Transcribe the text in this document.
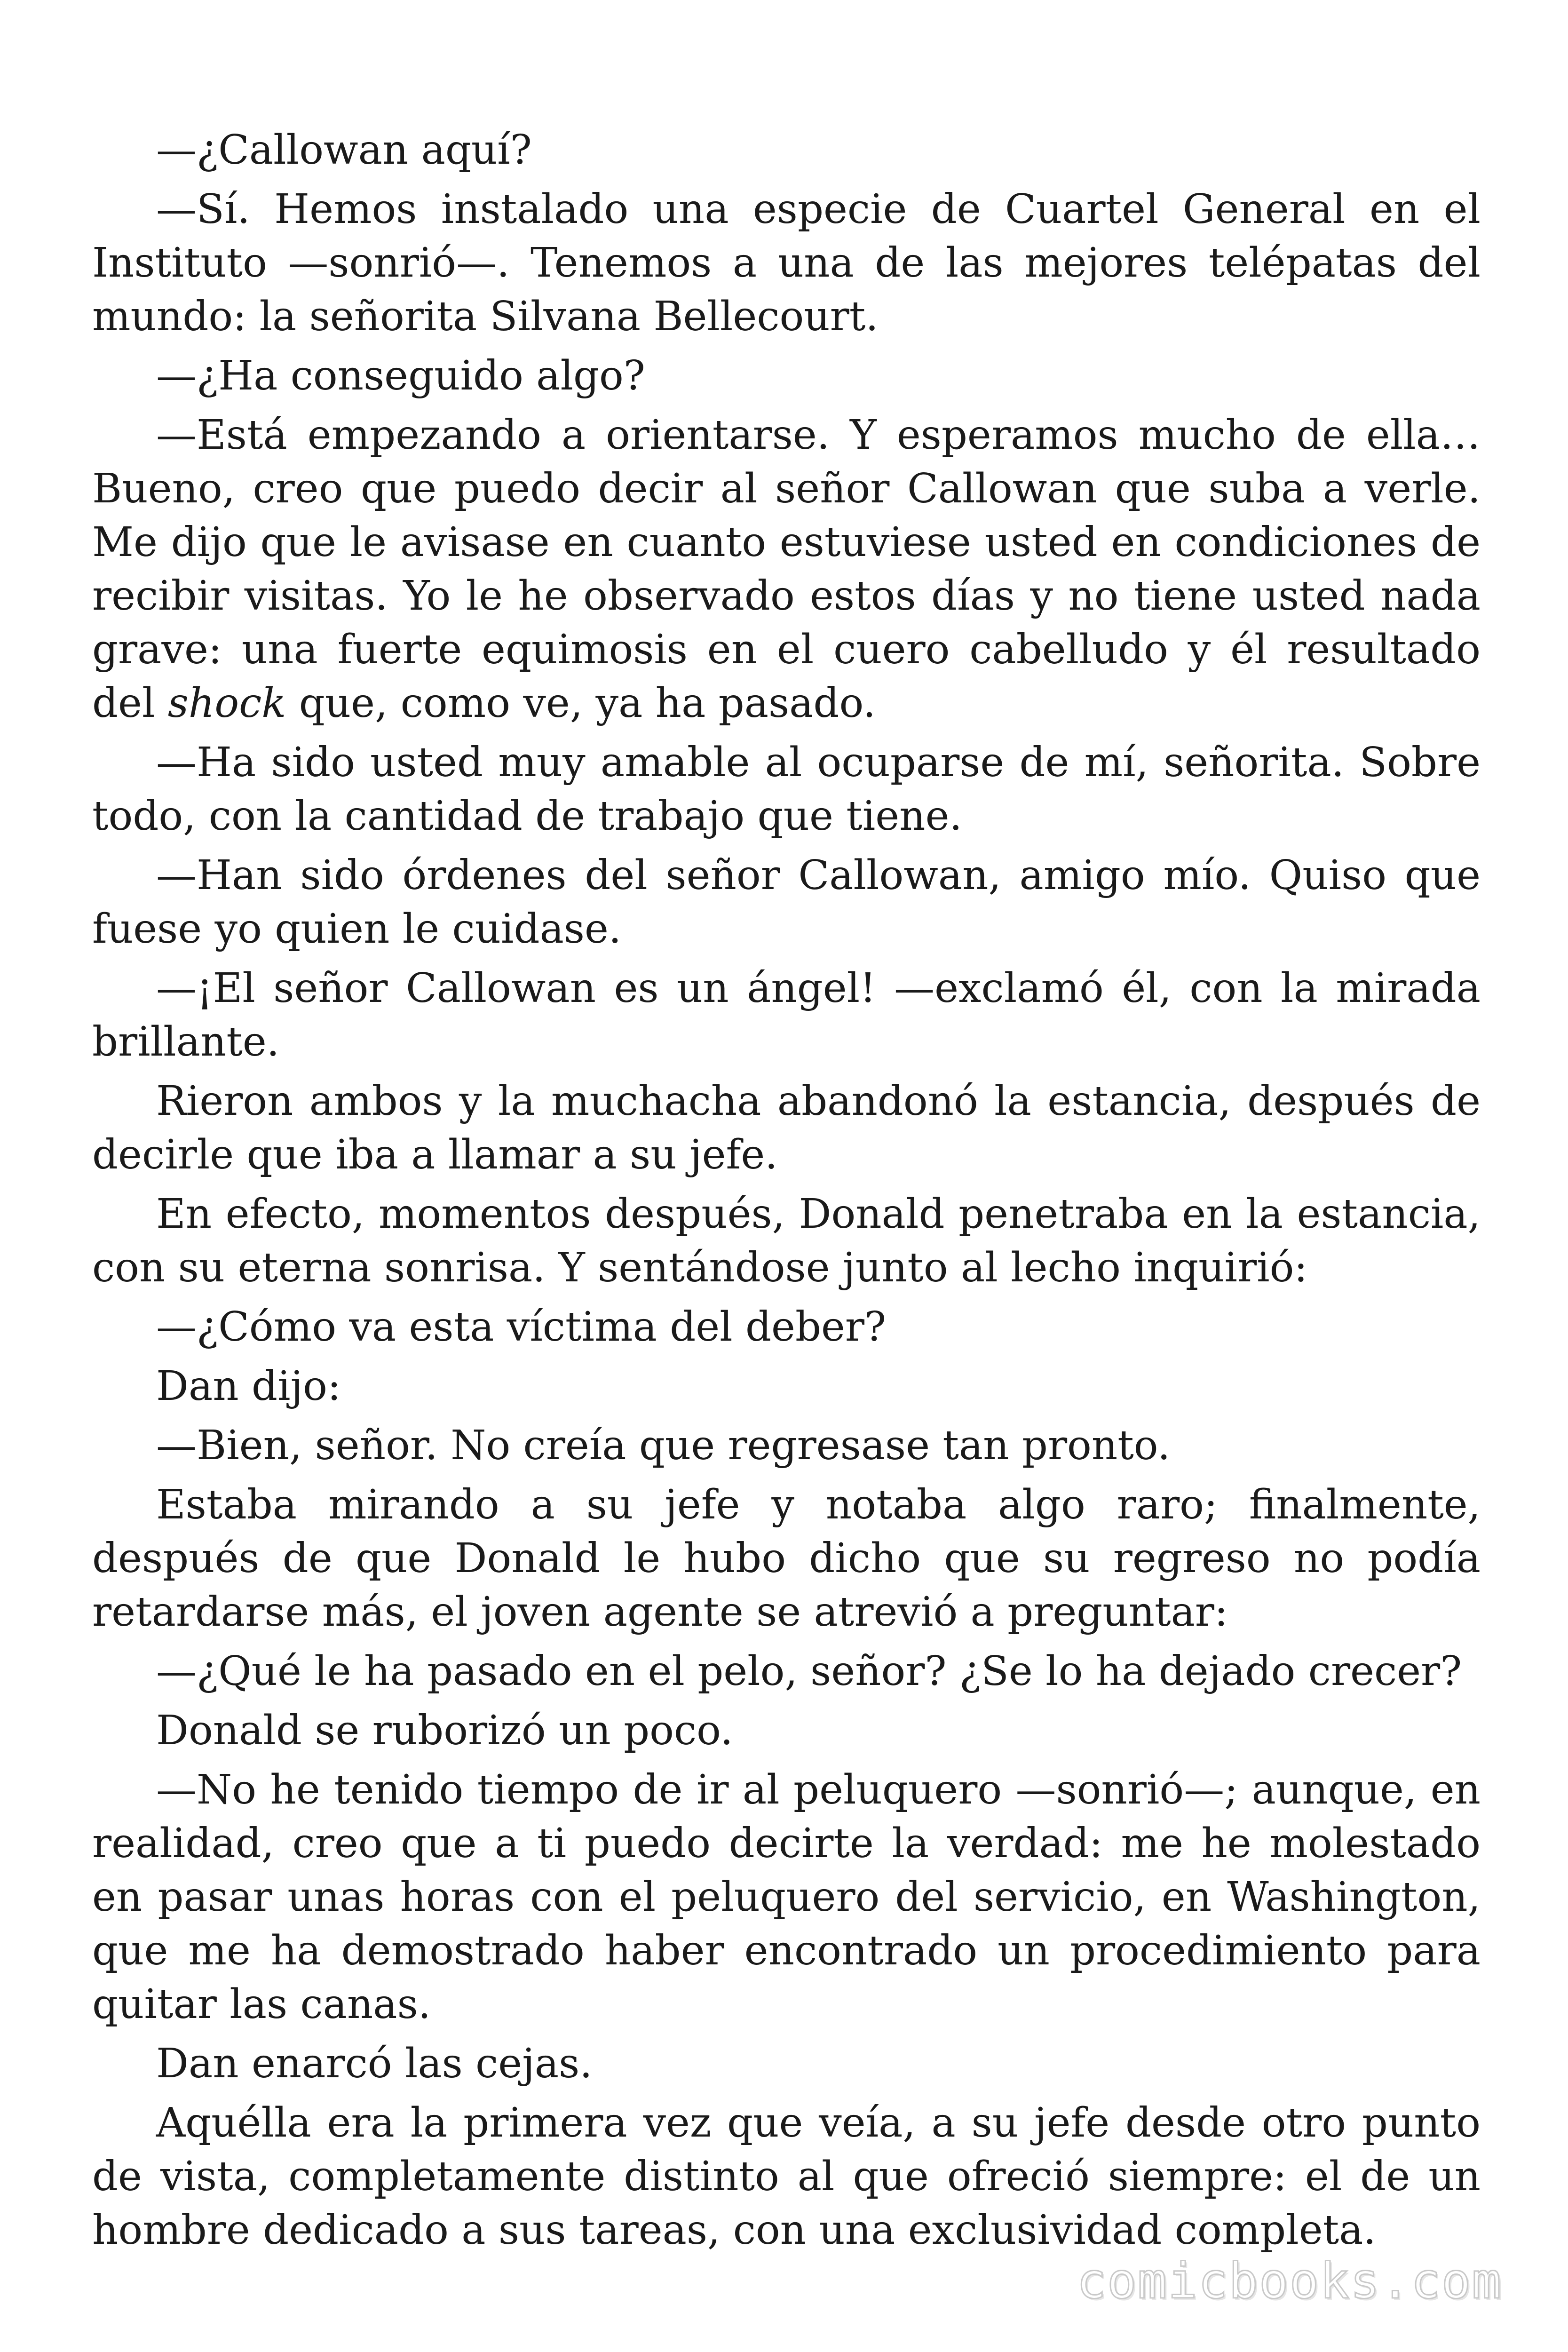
—¿Callowan aquí?

—Sí. Hemos instalado una especie de Cuartel General en el Instituto —sonrió—. Tenemos a una de las mejores telépatas del mundo: la señorita Silvana Bellecourt.

—¿Ha conseguido algo?

—Está empezando a orientarse. Y esperamos mucho de ella… Bueno, creo que puedo decir al señor Callowan que suba a verle. Me dijo que le avisase en cuanto estuviese usted en condiciones de recibir visitas. Yo le he observado estos días y no tiene usted nada grave: una fuerte equimosis en el cuero cabelludo y él resultado del shock que, como ve, ya ha pasado.

—Ha sido usted muy amable al ocuparse de mí, señorita. Sobre todo, con la cantidad de trabajo que tiene.

—Han sido órdenes del señor Callowan, amigo mío. Quiso que fuese yo quien le cuidase.

—¡El señor Callowan es un ángel! —exclamó él, con la mirada brillante.

Rieron ambos y la muchacha abandonó la estancia, después de decirle que iba a llamar a su jefe.

En efecto, momentos después, Donald penetraba en la estancia, con su eterna sonrisa. Y sentándose junto al lecho inquirió:

—¿Cómo va esta víctima del deber?

Dan dijo:

—Bien, señor. No creía que regresase tan pronto.

Estaba mirando a su jefe y notaba algo raro; finalmente, después de que Donald le hubo dicho que su regreso no podía retardarse más, el joven agente se atrevió a preguntar:

—¿Qué le ha pasado en el pelo, señor? ¿Se lo ha dejado crecer?

Donald se ruborizó un poco.

—No he tenido tiempo de ir al peluquero —sonrió—; aunque, en realidad, creo que a ti puedo decirte la verdad: me he molestado en pasar unas horas con el peluquero del servicio, en Washington, que me ha demostrado haber encontrado un procedimiento para quitar las canas.

Dan enarcó las cejas.

Aquélla era la primera vez que veía, a su jefe desde otro punto de vista, completamente distinto al que ofreció siempre: el de un hombre dedicado a sus tareas, con una exclusividad completa.

comicbooks.com
